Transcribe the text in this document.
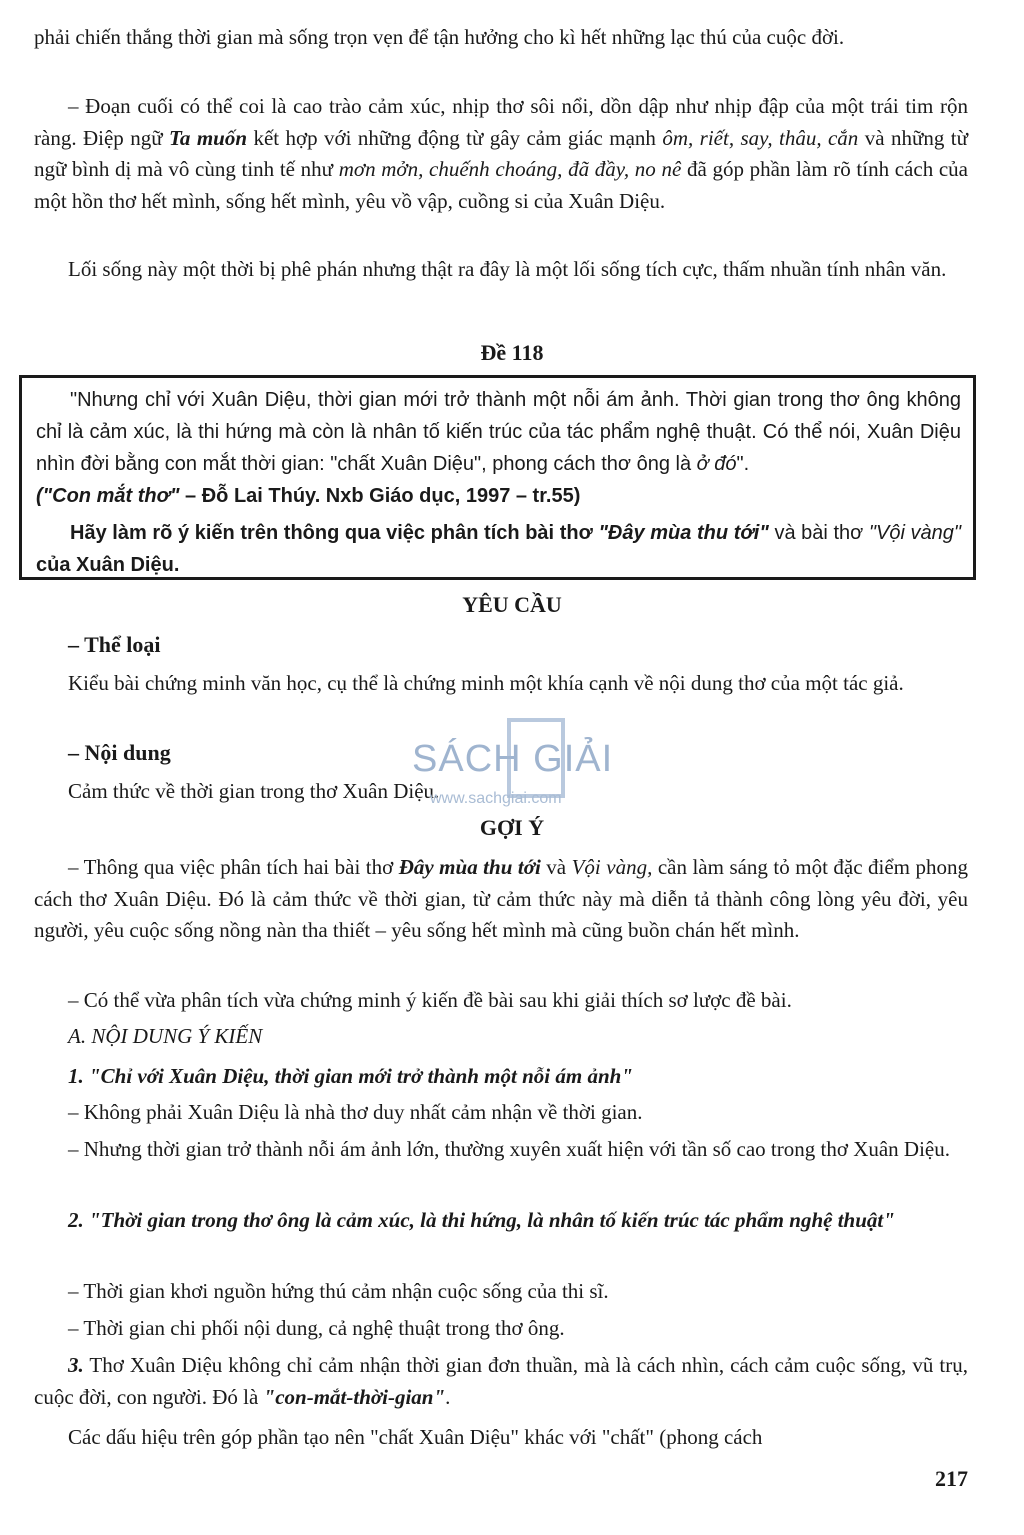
phải chiến thắng thời gian mà sống trọn vẹn để tận hưởng cho kì hết những lạc thú của cuộc đời.

– Đoạn cuối có thể coi là cao trào cảm xúc, nhịp thơ sôi nổi, dồn dập như nhịp đập của một trái tim rộn ràng. Điệp ngữ Ta muốn kết hợp với những động từ gây cảm giác mạnh ôm, riết, say, thâu, cắn và những từ ngữ bình dị mà vô cùng tinh tế như mơn mởn, chuếnh choáng, đã đầy, no nê đã góp phần làm rõ tính cách của một hồn thơ hết mình, sống hết mình, yêu vồ vập, cuồng si của Xuân Diệu.

Lối sống này một thời bị phê phán nhưng thật ra đây là một lối sống tích cực, thấm nhuần tính nhân văn.

Đề 118

"Nhưng chỉ với Xuân Diệu, thời gian mới trở thành một nỗi ám ảnh. Thời gian trong thơ ông không chỉ là cảm xúc, là thi hứng mà còn là nhân tố kiến trúc của tác phẩm nghệ thuật. Có thể nói, Xuân Diệu nhìn đời bằng con mắt thời gian: "chất Xuân Diệu", phong cách thơ ông là ở đó".

("Con mắt thơ" – Đỗ Lai Thúy. Nxb Giáo dục, 1997 – tr.55)

Hãy làm rõ ý kiến trên thông qua việc phân tích bài thơ "Đây mùa thu tới" và bài thơ "Vội vàng" của Xuân Diệu.

YÊU CẦU

– Thể loại

Kiểu bài chứng minh văn học, cụ thể là chứng minh một khía cạnh về nội dung thơ của một tác giả.

– Nội dung

Cảm thức về thời gian trong thơ Xuân Diệu.

SÁCH GIẢI
www.sachgiai.com

GỢI Ý

– Thông qua việc phân tích hai bài thơ Đây mùa thu tới và Vội vàng, cần làm sáng tỏ một đặc điểm phong cách thơ Xuân Diệu. Đó là cảm thức về thời gian, từ cảm thức này mà diễn tả thành công lòng yêu đời, yêu người, yêu cuộc sống nồng nàn tha thiết – yêu sống hết mình mà cũng buồn chán hết mình.

– Có thể vừa phân tích vừa chứng minh ý kiến đề bài sau khi giải thích sơ lược đề bài.

A. NỘI DUNG Ý KIẾN

1. "Chỉ với Xuân Diệu, thời gian mới trở thành một nỗi ám ảnh"

– Không phải Xuân Diệu là nhà thơ duy nhất cảm nhận về thời gian.

– Nhưng thời gian trở thành nỗi ám ảnh lớn, thường xuyên xuất hiện với tần số cao trong thơ Xuân Diệu.

2. "Thời gian trong thơ ông là cảm xúc, là thi hứng, là nhân tố kiến trúc tác phẩm nghệ thuật"

– Thời gian khơi nguồn hứng thú cảm nhận cuộc sống của thi sĩ.

– Thời gian chi phối nội dung, cả nghệ thuật trong thơ ông.

3. Thơ Xuân Diệu không chỉ cảm nhận thời gian đơn thuần, mà là cách nhìn, cách cảm cuộc sống, vũ trụ, cuộc đời, con người. Đó là "con-mắt-thời-gian".

Các dấu hiệu trên góp phần tạo nên "chất Xuân Diệu" khác với "chất" (phong cách

217
